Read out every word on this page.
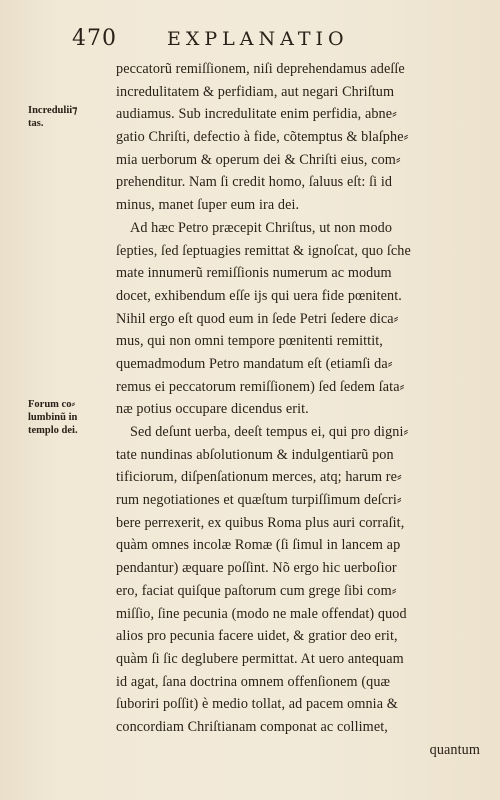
470	EXPLANATIO
Incredulii⁊
tas.
Forum co⸗
lumbinũ in
templo dei.
peccatorũ remiſſionem, niſi deprehendamus adeſſe
incredulitatem & perfidiam, aut negari Chriſtum
audiamus. Sub incredulitate enim perfidia, abne⸗
gatio Chriſti, defectio à fide, cõtemptus & blaſphe⸗
mia uerborum & operum dei & Chriſti eius, com⸗
prehenditur. Nam ſi credit homo, ſaluus eſt: ſi id
minus, manet ſuper eum ira dei.
Ad hæc Petro præcepit Chriſtus, ut non modo
ſepties, ſed ſeptuagies remittat & ignoſcat, quo ſche
mate innumerũ remiſſionis numerum ac modum
docet, exhibendum eſſe ijs qui uera fide pœnitent.
Nihil ergo eſt quod eum in ſede Petri ſedere dica⸗
mus, qui non omni tempore pœnitenti remittit,
quemadmodum Petro mandatum eſt (etiamſi da⸗
remus ei peccatorum remiſſionem) ſed ſedem ſata⸗
næ potius occupare dicendus erit.
Sed deſunt uerba, deeſt tempus ei, qui pro digni⸗
tate nundinas abſolutionum & indulgentiarũ pon
tificiorum, diſpenſationum merces, atq; harum re⸗
rum negotiationes et quæſtum turpiſſimum deſcri⸗
bere perrexerit, ex quibus Roma plus auri corraſit,
quàm omnes incolæ Romæ (ſi ſimul in lancem ap
pendantur) æquare poſſint. Nõ ergo hic uerboſior
ero, faciat quiſque paſtorum cum grege ſibi com⸗
miſſio, ſine pecunia (modo ne male offendat) quod
alios pro pecunia facere uidet, & gratior deo erit,
quàm ſi ſic deglubere permittat. At uero antequam
id agat, ſana doctrina omnem offenſionem (quæ
ſuboriri poſſit) è medio tollat, ad pacem omnia &
concordiam Chriſtianam componat ac collimet,
quantum
